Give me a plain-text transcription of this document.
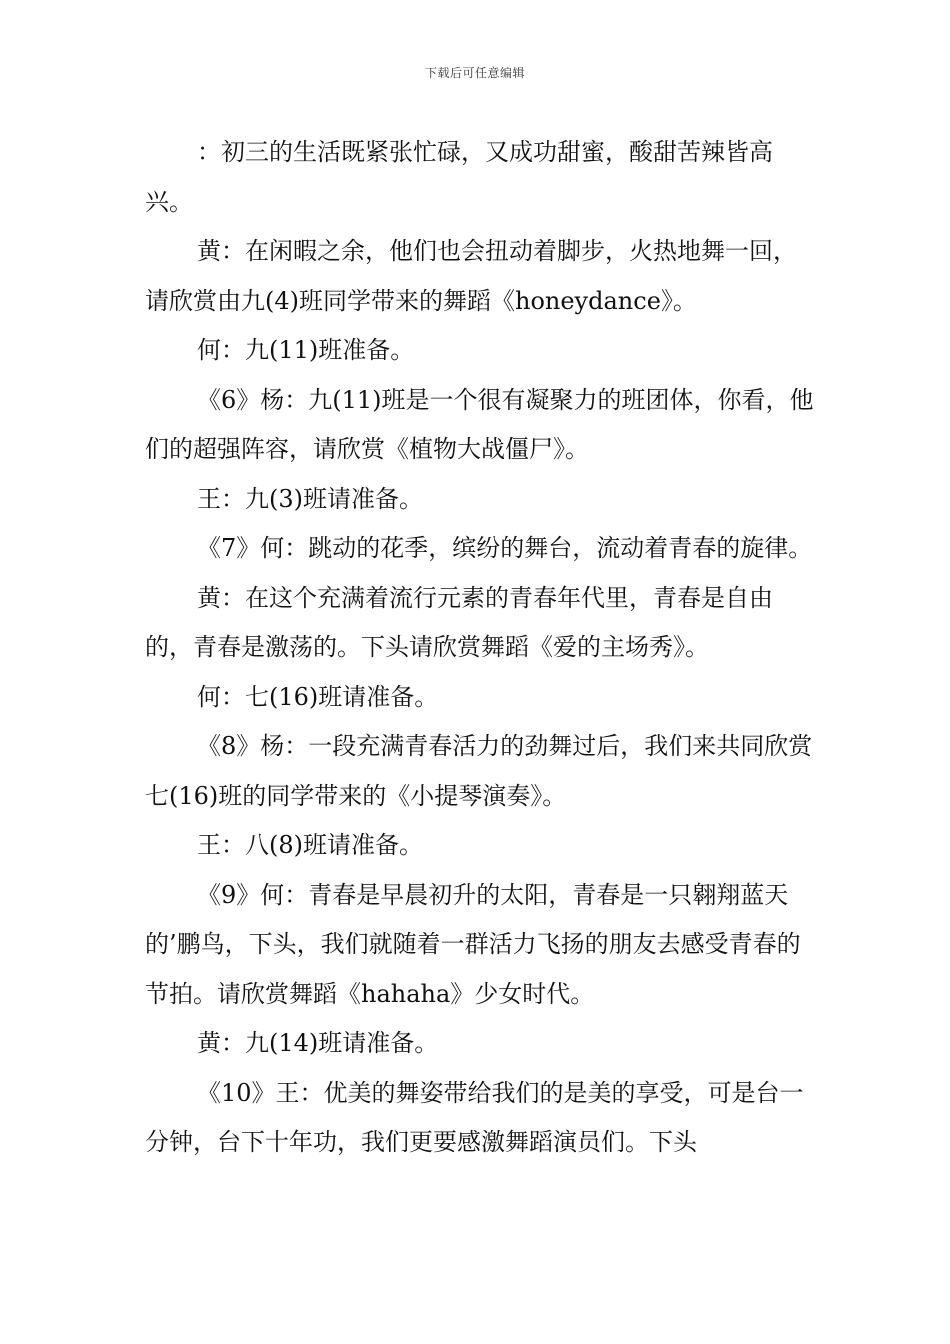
下载后可任意编辑

：初三的生活既紧张忙碌，又成功甜蜜，酸甜苦辣皆高兴。

黄：在闲暇之余，他们也会扭动着脚步，火热地舞一回，请欣赏由九(4)班同学带来的舞蹈《honeydance》。

何：九(11)班准备。

《6》杨：九(11)班是一个很有凝聚力的班团体，你看，他们的超强阵容，请欣赏《植物大战僵尸》。

王：九(3)班请准备。

《7》何：跳动的花季，缤纷的舞台，流动着青春的旋律。

黄：在这个充满着流行元素的青春年代里，青春是自由的，青春是激荡的。下头请欣赏舞蹈《爱的主场秀》。

何：七(16)班请准备。

《8》杨：一段充满青春活力的劲舞过后，我们来共同欣赏七(16)班的同学带来的《小提琴演奏》。

王：八(8)班请准备。

《9》何：青春是早晨初升的太阳，青春是一只翱翔蓝天的’鹏鸟，下头，我们就随着一群活力飞扬的朋友去感受青春的节拍。请欣赏舞蹈《hahaha》少女时代。

黄：九(14)班请准备。

《10》王：优美的舞姿带给我们的是美的享受，可是台一分钟，台下十年功，我们更要感激舞蹈演员们。下头
